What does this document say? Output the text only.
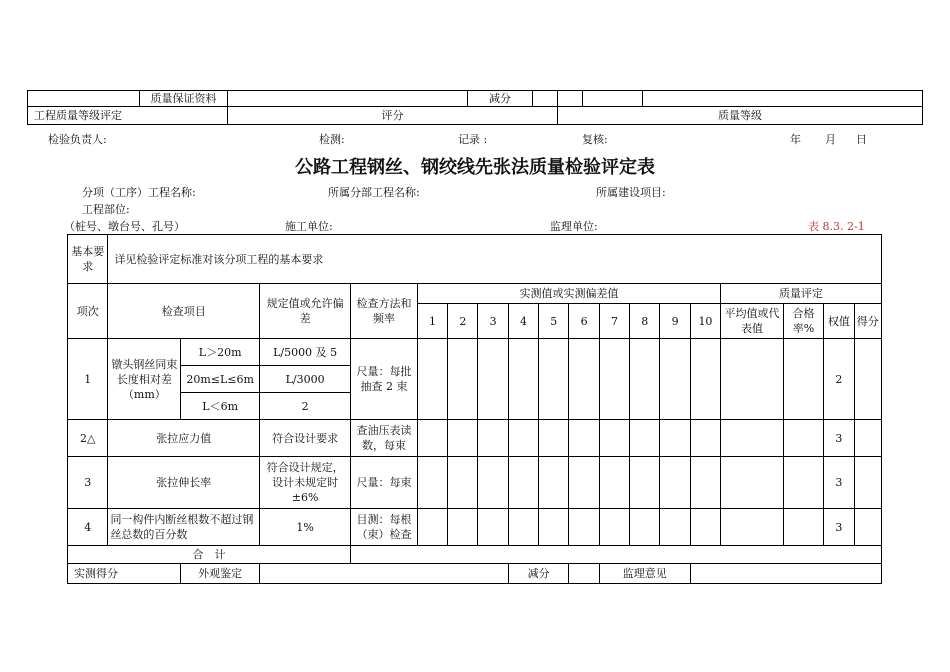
	质量保证资料		减分				
工程质量等级评定		评分			质量等级		
检验负责人:	检测:	记录 :	复核:	年 月 日
公路工程钢丝、钢绞线先张法质量检验评定表
分项（工序）工程名称:	所属分部工程名称:	所属建设项目:
工程部位:
（桩号、墩台号、孔号）	施工单位:	监理单位:	表 8.3. 2-1
基本要求	详见检验评定标准对该分项工程的基本要求																	
项次	检查项目		规定值或允许偏差	检查方法和频率	实测值或实测偏差值										质量评定			
					1	2	3	4	5	6	7	8	9	10	平均值或代表值	合格率%	权值	得分
1	镦头钢丝同束长度相对差（mm）	L＞20m	L/5000 及 5	尺量：每批抽查 2 束													2	
		20m≤L≤6m	L/3000															
		L＜6m	2															
2△	张拉应力值		符合设计要求	查油压表读数，每束													3	
3	张拉伸长率		符合设计规定，设计未规定时±6%	尺量：每束													3	
4	同一构件内断丝根数不超过钢丝总数的百分数		1%	目测：每根（束）检查													3	
合　计																		
实测得分		外观鉴定						减分			监理意见							
